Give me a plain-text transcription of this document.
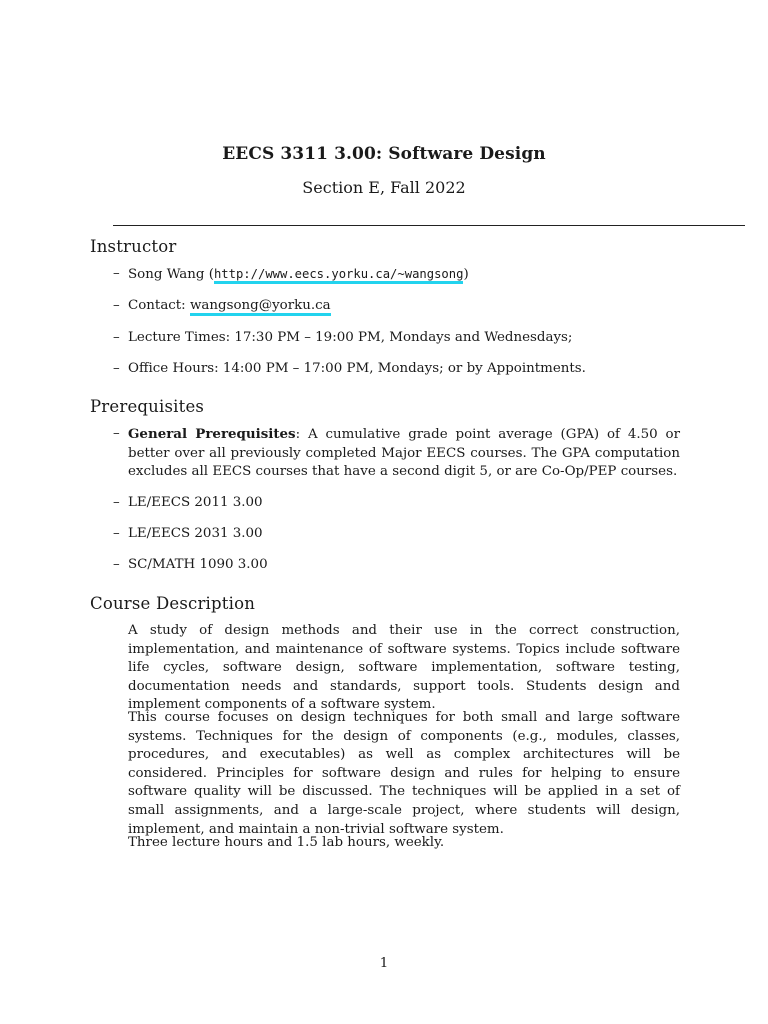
EECS 3311 3.00: Software Design
Section E, Fall 2022
Instructor
– Song Wang (http://www.eecs.yorku.ca/~wangsong)
– Contact: wangsong@yorku.ca
– Lecture Times: 17:30 PM – 19:00 PM, Mondays and Wednesdays;
– Office Hours: 14:00 PM – 17:00 PM, Mondays; or by Appointments.
Prerequisites
– General Prerequisites: A cumulative grade point average (GPA) of 4.50 or better over all previously completed Major EECS courses. The GPA computation excludes all EECS courses that have a second digit 5, or are Co-Op/PEP courses.
– LE/EECS 2011 3.00
– LE/EECS 2031 3.00
– SC/MATH 1090 3.00
Course Description
A study of design methods and their use in the correct construction, implementation, and maintenance of software systems. Topics include software life cycles, software design, software implementation, software testing, documentation needs and standards, support tools. Students design and implement components of a software system.
This course focuses on design techniques for both small and large software systems. Techniques for the design of components (e.g., modules, classes, procedures, and executables) as well as complex architectures will be considered. Principles for software design and rules for helping to ensure software quality will be discussed. The techniques will be applied in a set of small assignments, and a large-scale project, where students will design, implement, and maintain a non-trivial software system.
Three lecture hours and 1.5 lab hours, weekly.
1
